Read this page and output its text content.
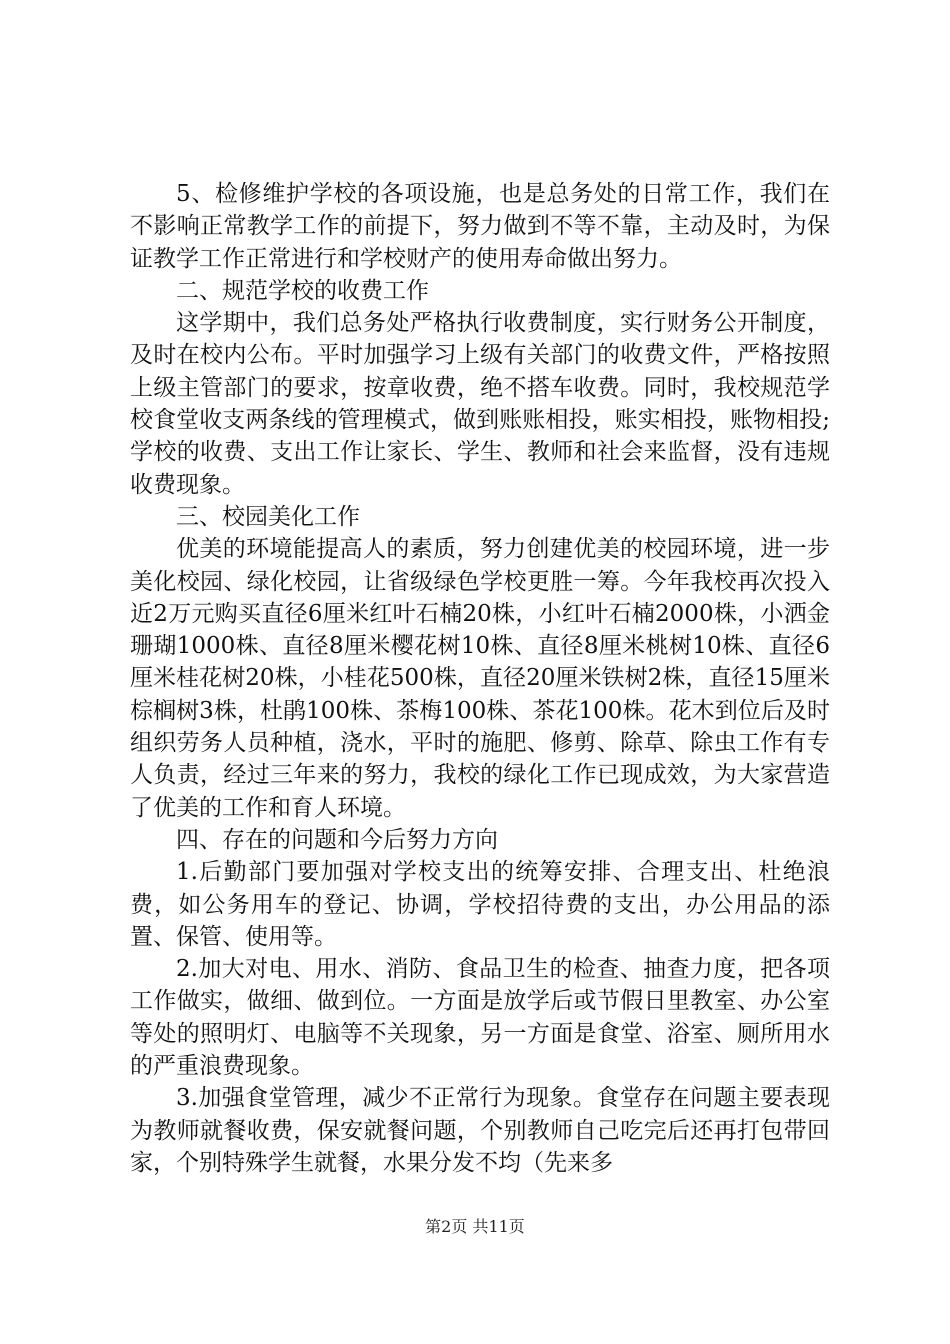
5、检修维护学校的各项设施，也是总务处的日常工作，我们在不影响正常教学工作的前提下，努力做到不等不靠，主动及时，为保证教学工作正常进行和学校财产的使用寿命做出努力。

二、规范学校的收费工作

这学期中，我们总务处严格执行收费制度，实行财务公开制度，及时在校内公布。平时加强学习上级有关部门的收费文件，严格按照上级主管部门的要求，按章收费，绝不搭车收费。同时，我校规范学校食堂收支两条线的管理模式，做到账账相投，账实相投，账物相投;学校的收费、支出工作让家长、学生、教师和社会来监督，没有违规收费现象。

三、校园美化工作

优美的环境能提高人的素质，努力创建优美的校园环境，进一步美化校园、绿化校园，让省级绿色学校更胜一筹。今年我校再次投入近2万元购买直径6厘米红叶石楠20株，小红叶石楠2000株，小洒金珊瑚1000株、直径8厘米樱花树10株、直径8厘米桃树10株、直径6厘米桂花树20株，小桂花500株，直径20厘米铁树2株，直径15厘米棕榈树3株，杜鹃100株、茶梅100株、茶花100株。花木到位后及时组织劳务人员种植，浇水，平时的施肥、修剪、除草、除虫工作有专人负责，经过三年来的努力，我校的绿化工作已现成效，为大家营造了优美的工作和育人环境。

四、存在的问题和今后努力方向

1.后勤部门要加强对学校支出的统筹安排、合理支出、杜绝浪费，如公务用车的登记、协调，学校招待费的支出，办公用品的添置、保管、使用等。

2.加大对电、用水、消防、食品卫生的检查、抽查力度，把各项工作做实，做细、做到位。一方面是放学后或节假日里教室、办公室等处的照明灯、电脑等不关现象，另一方面是食堂、浴室、厕所用水的严重浪费现象。

3.加强食堂管理，减少不正常行为现象。食堂存在问题主要表现为教师就餐收费，保安就餐问题，个别教师自己吃完后还再打包带回家，个别特殊学生就餐，水果分发不均（先来多

第2页 共11页
